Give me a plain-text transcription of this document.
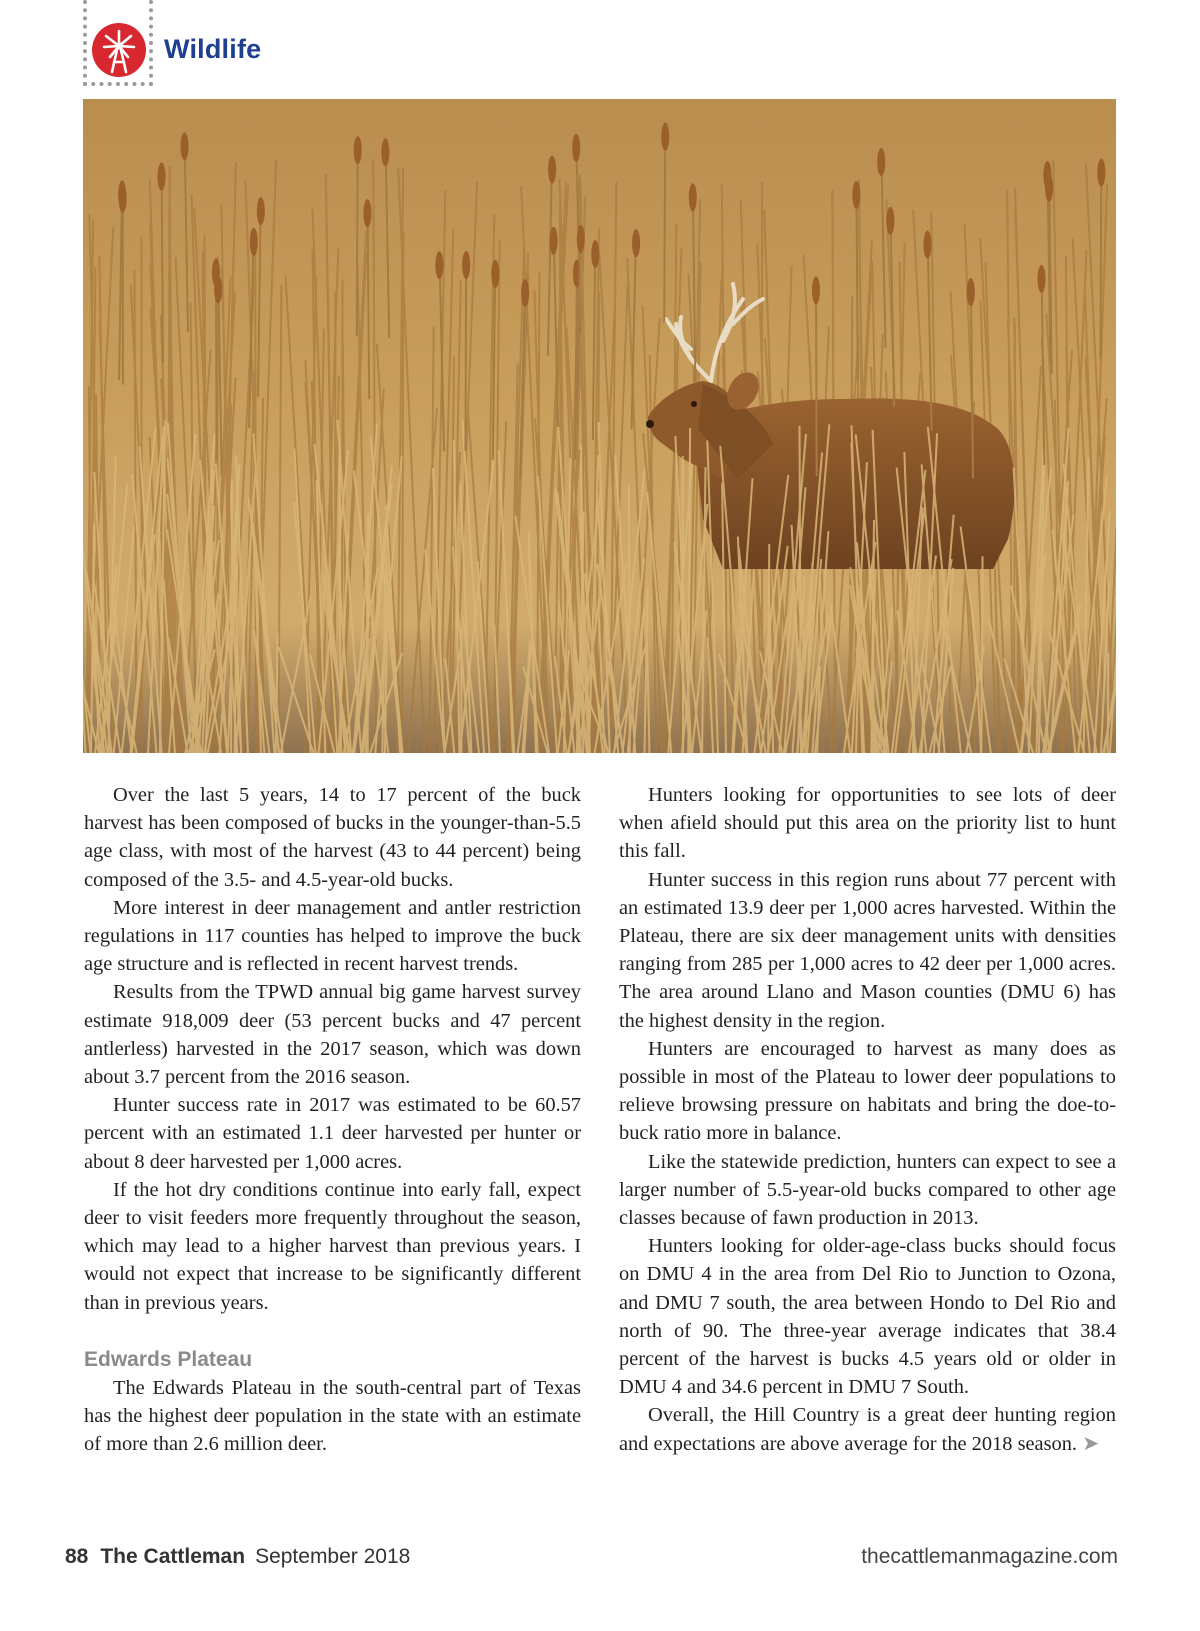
Wildlife

Over the last 5 years, 14 to 17 percent of the buck harvest has been composed of bucks in the younger-than-5.5 age class, with most of the harvest (43 to 44 percent) being composed of the 3.5- and 4.5-year-old bucks.

More interest in deer management and antler restriction regulations in 117 counties has helped to improve the buck age structure and is reflected in recent harvest trends.

Results from the TPWD annual big game harvest survey estimate 918,009 deer (53 percent bucks and 47 percent antlerless) harvested in the 2017 season, which was down about 3.7 percent from the 2016 season.

Hunter success rate in 2017 was estimated to be 60.57 percent with an estimated 1.1 deer harvested per hunter or about 8 deer harvested per 1,000 acres.

If the hot dry conditions continue into early fall, expect deer to visit feeders more frequently throughout the season, which may lead to a higher harvest than previous years. I would not expect that increase to be significantly different than in previous years.

Edwards Plateau

The Edwards Plateau in the south-central part of Texas has the highest deer population in the state with an estimate of more than 2.6 million deer.

Hunters looking for opportunities to see lots of deer when afield should put this area on the priority list to hunt this fall.

Hunter success in this region runs about 77 percent with an estimated 13.9 deer per 1,000 acres harvested. Within the Plateau, there are six deer management units with densities ranging from 285 per 1,000 acres to 42 deer per 1,000 acres. The area around Llano and Mason counties (DMU 6) has the highest density in the region.

Hunters are encouraged to harvest as many does as possible in most of the Plateau to lower deer populations to relieve browsing pressure on habitats and bring the doe-to-buck ratio more in balance.

Like the statewide prediction, hunters can expect to see a larger number of 5.5-year-old bucks compared to other age classes because of fawn production in 2013.

Hunters looking for older-age-class bucks should focus on DMU 4 in the area from Del Rio to Junction to Ozona, and DMU 7 south, the area between Hondo to Del Rio and north of 90. The three-year average indicates that 38.4 percent of the harvest is bucks 4.5 years old or older in DMU 4 and 34.6 percent in DMU 7 South.

Overall, the Hill Country is a great deer hunting region and expectations are above average for the 2018 season. ➤

88 The Cattleman September 2018	thecattlemanmagazine.com
